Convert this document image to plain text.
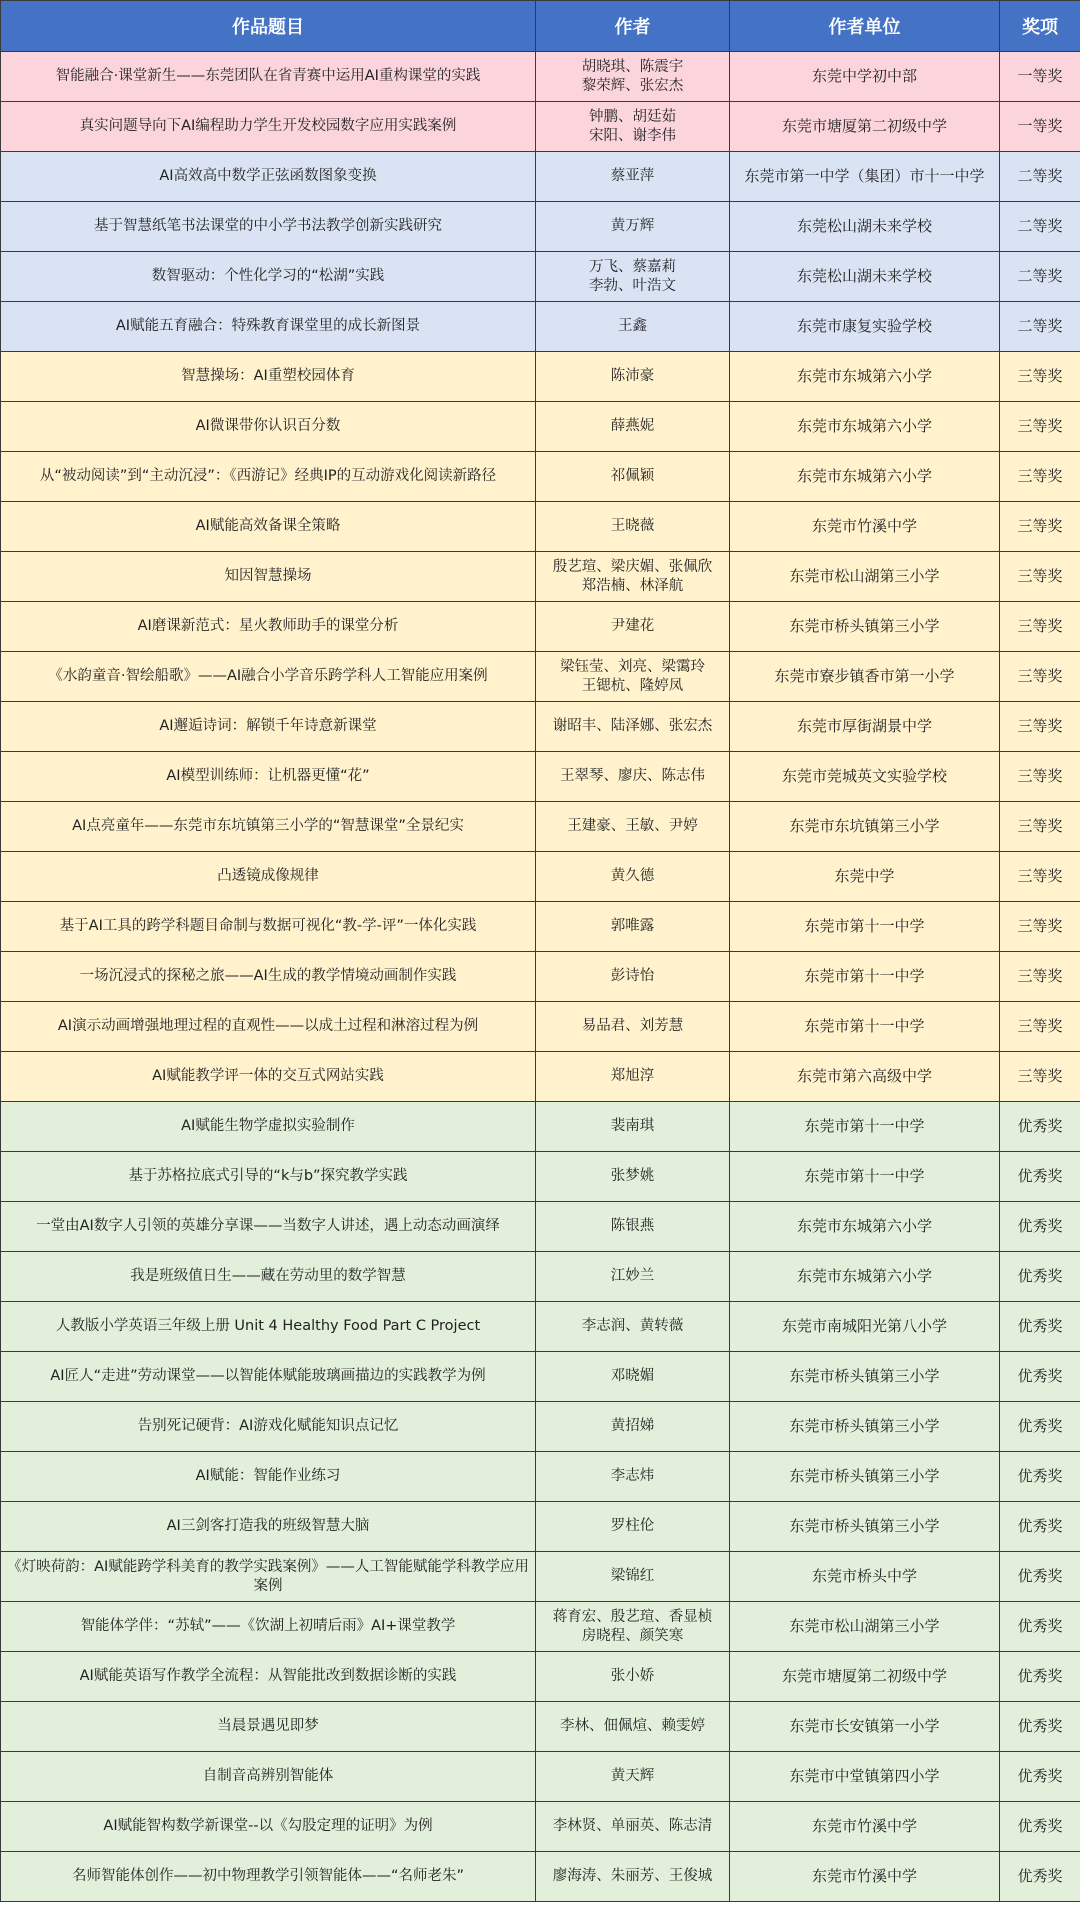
作品题目	作者	作者单位	奖项
智能融合·课堂新生——东莞团队在省青赛中运用AI重构课堂的实践	胡晓琪、陈震宇
黎荣辉、张宏杰	东莞中学初中部	一等奖
真实问题导向下AI编程助力学生开发校园数字应用实践案例	钟鹏、胡廷茹
宋阳、谢李伟	东莞市塘厦第二初级中学	一等奖
AI高效高中数学正弦函数图象变换	蔡亚萍	东莞市第一中学（集团）市十一中学	二等奖
基于智慧纸笔书法课堂的中小学书法教学创新实践研究	黄万辉	东莞松山湖未来学校	二等奖
数智驱动：个性化学习的“松湖”实践	万飞、蔡嘉莉
李勃、叶浩文	东莞松山湖未来学校	二等奖
AI赋能五育融合：特殊教育课堂里的成长新图景	王鑫	东莞市康复实验学校	二等奖
智慧操场：AI重塑校园体育	陈沛豪	东莞市东城第六小学	三等奖
AI微课带你认识百分数	薛燕妮	东莞市东城第六小学	三等奖
从“被动阅读”到“主动沉浸”：《西游记》经典IP的互动游戏化阅读新路径	祁佩颖	东莞市东城第六小学	三等奖
AI赋能高效备课全策略	王晓薇	东莞市竹溪中学	三等奖
知因智慧操场	殷艺瑄、梁庆媚、张佩欣
郑浩楠、林泽航	东莞市松山湖第三小学	三等奖
AI磨课新范式：星火教师助手的课堂分析	尹建花	东莞市桥头镇第三小学	三等奖
《水韵童音·智绘船歌》——AI融合小学音乐跨学科人工智能应用案例	梁钰莹、刘亮、梁霭玲
王锶杭、隆婷凤	东莞市寮步镇香市第一小学	三等奖
AI邂逅诗词：解锁千年诗意新课堂	谢昭丰、陆泽娜、张宏杰	东莞市厚街湖景中学	三等奖
AI模型训练师：让机器更懂“花”	王翠琴、廖庆、陈志伟	东莞市莞城英文实验学校	三等奖
AI点亮童年——东莞市东坑镇第三小学的“智慧课堂”全景纪实	王建豪、王敏、尹婷	东莞市东坑镇第三小学	三等奖
凸透镜成像规律	黄久德	东莞中学	三等奖
基于AI工具的跨学科题目命制与数据可视化“教-学-评”一体化实践	郭唯露	东莞市第十一中学	三等奖
一场沉浸式的探秘之旅——AI生成的教学情境动画制作实践	彭诗怡	东莞市第十一中学	三等奖
AI演示动画增强地理过程的直观性——以成土过程和淋溶过程为例	易品君、刘芳慧	东莞市第十一中学	三等奖
AI赋能教学评一体的交互式网站实践	郑旭淳	东莞市第六高级中学	三等奖
AI赋能生物学虚拟实验制作	裴南琪	东莞市第十一中学	优秀奖
基于苏格拉底式引导的“k与b”探究教学实践	张梦姚	东莞市第十一中学	优秀奖
一堂由AI数字人引领的英雄分享课——当数字人讲述，遇上动态动画演绎	陈银燕	东莞市东城第六小学	优秀奖
我是班级值日生——藏在劳动里的数学智慧	江妙兰	东莞市东城第六小学	优秀奖
人教版小学英语三年级上册 Unit 4 Healthy Food Part C Project	李志润、黄转薇	东莞市南城阳光第八小学	优秀奖
AI匠人“走进”劳动课堂——以智能体赋能玻璃画描边的实践教学为例	邓晓媚	东莞市桥头镇第三小学	优秀奖
告别死记硬背：AI游戏化赋能知识点记忆	黄招娣	东莞市桥头镇第三小学	优秀奖
AI赋能：智能作业练习	李志炜	东莞市桥头镇第三小学	优秀奖
AI三剑客打造我的班级智慧大脑	罗柱伦	东莞市桥头镇第三小学	优秀奖
《灯映荷韵：AI赋能跨学科美育的教学实践案例》——人工智能赋能学科教学应用案例	梁锦红	东莞市桥头中学	优秀奖
智能体学伴：“苏轼”——《饮湖上初晴后雨》AI+课堂教学	蒋育宏、殷艺瑄、香显桢
房晓程、颜笑寒	东莞市松山湖第三小学	优秀奖
AI赋能英语写作教学全流程：从智能批改到数据诊断的实践	张小娇	东莞市塘厦第二初级中学	优秀奖
当晨景遇见即梦	李林、佃佩煊、赖雯婷	东莞市长安镇第一小学	优秀奖
自制音高辨别智能体	黄天辉	东莞市中堂镇第四小学	优秀奖
AI赋能智构数学新课堂--以《勾股定理的证明》为例	李林贤、单丽英、陈志清	东莞市竹溪中学	优秀奖
名师智能体创作——初中物理教学引领智能体——“名师老朱”	廖海涛、朱丽芳、王俊城	东莞市竹溪中学	优秀奖
